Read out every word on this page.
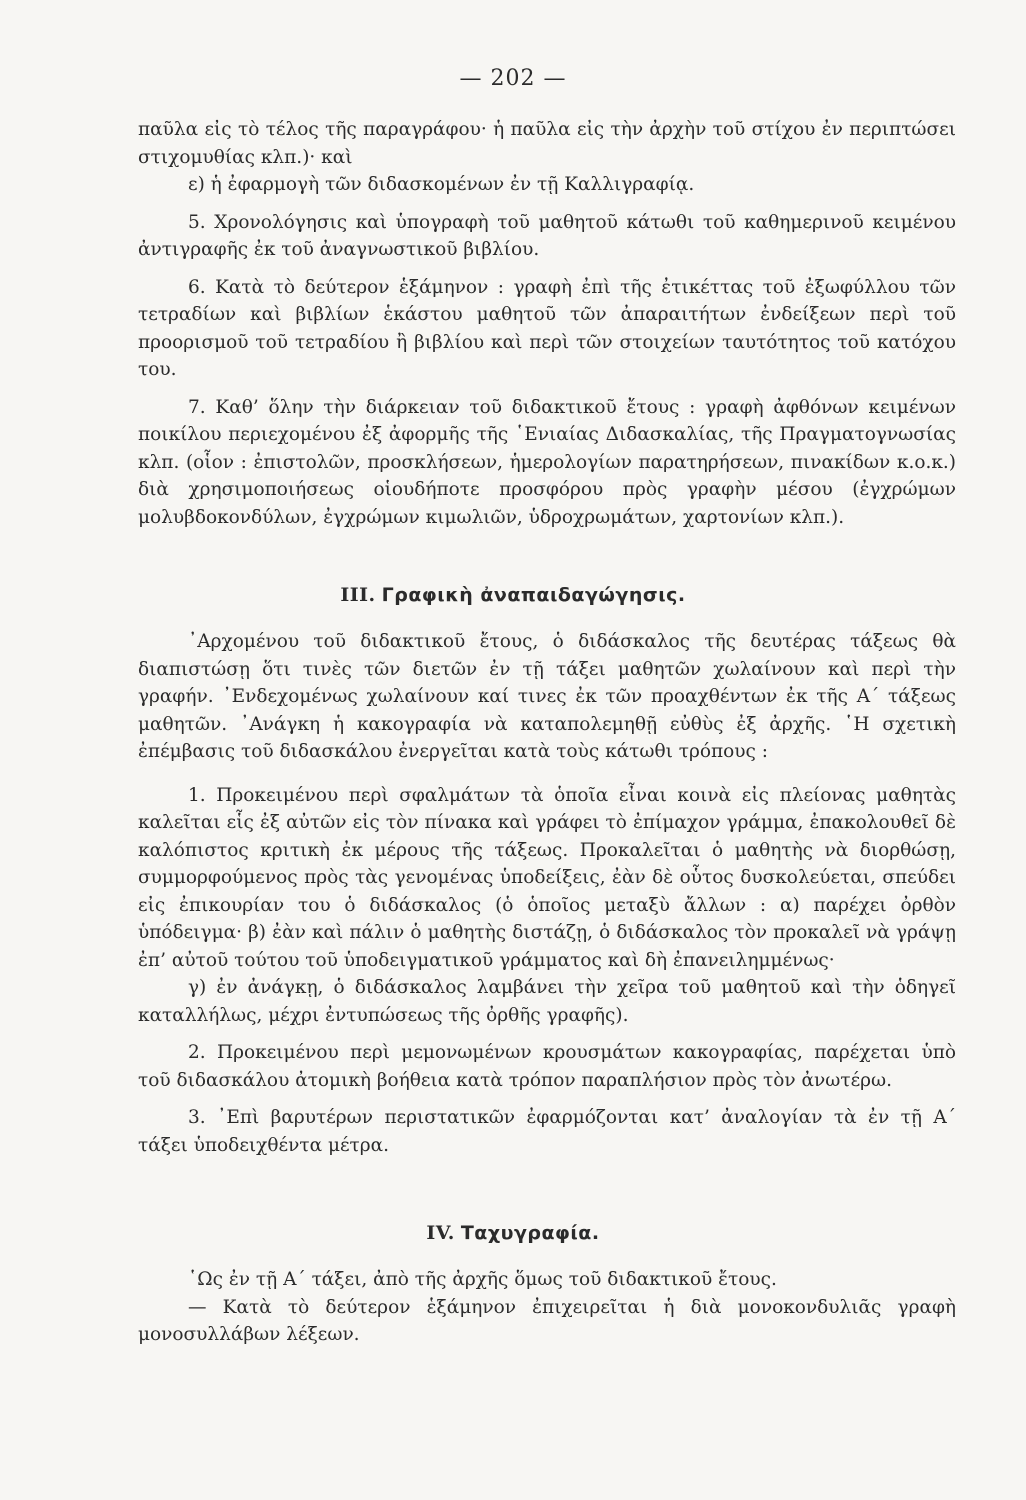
— 202 —

παῦλα εἰς τὸ τέλος τῆς παραγράφου· ἡ παῦλα εἰς τὴν ἀρχὴν τοῦ στίχου ἐν περιπτώσει στιχομυθίας κλπ.)· καὶ

ε) ἡ ἐφαρμογὴ τῶν διδασκομένων ἐν τῇ Καλλιγραφίᾳ.

5. Χρονολόγησις καὶ ὑπογραφὴ τοῦ μαθητοῦ κάτωθι τοῦ καθημερινοῦ κειμένου ἀντιγραφῆς ἐκ τοῦ ἀναγνωστικοῦ βιβλίου.

6. Κατὰ τὸ δεύτερον ἑξάμηνον : γραφὴ ἐπὶ τῆς ἐτικέττας τοῦ ἐξωφύλλου τῶν τετραδίων καὶ βιβλίων ἑκάστου μαθητοῦ τῶν ἀπαραιτήτων ἐνδείξεων περὶ τοῦ προορισμοῦ τοῦ τετραδίου ἢ βιβλίου καὶ περὶ τῶν στοιχείων ταυτότητος τοῦ κατόχου του.

7. Καθ’ ὅλην τὴν διάρκειαν τοῦ διδακτικοῦ ἔτους : γραφὴ ἀφθόνων κειμένων ποικίλου περιεχομένου ἐξ ἀφορμῆς τῆς ῾Ενιαίας Διδασκαλίας, τῆς Πραγματογνωσίας κλπ. (οἷον : ἐπιστολῶν, προσκλήσεων, ἡμερολογίων παρατηρήσεων, πινακίδων κ.ο.κ.) διὰ χρησιμοποιήσεως οἱουδήποτε προσφόρου πρὸς γραφὴν μέσου (ἐγχρώμων μολυβδοκονδύλων, ἐγχρώμων κιμωλιῶν, ὑδροχρωμάτων, χαρτονίων κλπ.).

III. Γραφικὴ ἀναπαιδαγώγησις.

᾿Αρχομένου τοῦ διδακτικοῦ ἔτους, ὁ διδάσκαλος τῆς δευτέρας τάξεως θὰ διαπιστώσῃ ὅτι τινὲς τῶν διετῶν ἐν τῇ τάξει μαθητῶν χωλαίνουν καὶ περὶ τὴν γραφήν. ᾿Ενδεχομένως χωλαίνουν καί τινες ἐκ τῶν προαχθέντων ἐκ τῆς Α΄ τάξεως μαθητῶν. ᾿Ανάγκη ἡ κακογραφία νὰ καταπολεμηθῇ εὐθὺς ἐξ ἀρχῆς. ῾Η σχετικὴ ἐπέμβασις τοῦ διδασκάλου ἐνεργεῖται κατὰ τοὺς κάτωθι τρόπους :

1. Προκειμένου περὶ σφαλμάτων τὰ ὁποῖα εἶναι κοινὰ εἰς πλείονας μαθητὰς καλεῖται εἷς ἐξ αὐτῶν εἰς τὸν πίνακα καὶ γράφει τὸ ἐπίμαχον γράμμα, ἐπακολουθεῖ δὲ καλόπιστος κριτικὴ ἐκ μέρους τῆς τάξεως. Προκαλεῖται ὁ μαθητὴς νὰ διορθώσῃ, συμμορφούμενος πρὸς τὰς γενομένας ὑποδείξεις, ἐὰν δὲ οὗτος δυσκολεύεται, σπεύδει εἰς ἐπικουρίαν του ὁ διδάσκαλος (ὁ ὁποῖος μεταξὺ ἄλλων : α) παρέχει ὀρθὸν ὑπόδειγμα· β) ἐὰν καὶ πάλιν ὁ μαθητὴς διστάζῃ, ὁ διδάσκαλος τὸν προκαλεῖ νὰ γράψῃ ἐπ’ αὐτοῦ τούτου τοῦ ὑποδειγματικοῦ γράμματος καὶ δὴ ἐπανειλημμένως·

γ) ἐν ἀνάγκῃ, ὁ διδάσκαλος λαμβάνει τὴν χεῖρα τοῦ μαθητοῦ καὶ τὴν ὁδηγεῖ καταλλήλως, μέχρι ἐντυπώσεως τῆς ὀρθῆς γραφῆς).

2. Προκειμένου περὶ μεμονωμένων κρουσμάτων κακογραφίας, παρέχεται ὑπὸ τοῦ διδασκάλου ἀτομικὴ βοήθεια κατὰ τρόπον παραπλήσιον πρὸς τὸν ἀνωτέρω.

3. ᾿Επὶ βαρυτέρων περιστατικῶν ἐφαρμόζονται κατ’ ἀναλογίαν τὰ ἐν τῇ Α΄ τάξει ὑποδειχθέντα μέτρα.

IV. Ταχυγραφία.

῾Ως ἐν τῇ Α΄ τάξει, ἀπὸ τῆς ἀρχῆς ὅμως τοῦ διδακτικοῦ ἔτους.

— Κατὰ τὸ δεύτερον ἑξάμηνον ἐπιχειρεῖται ἡ διὰ μονοκονδυλιᾶς γραφὴ μονοσυλλάβων λέξεων.
